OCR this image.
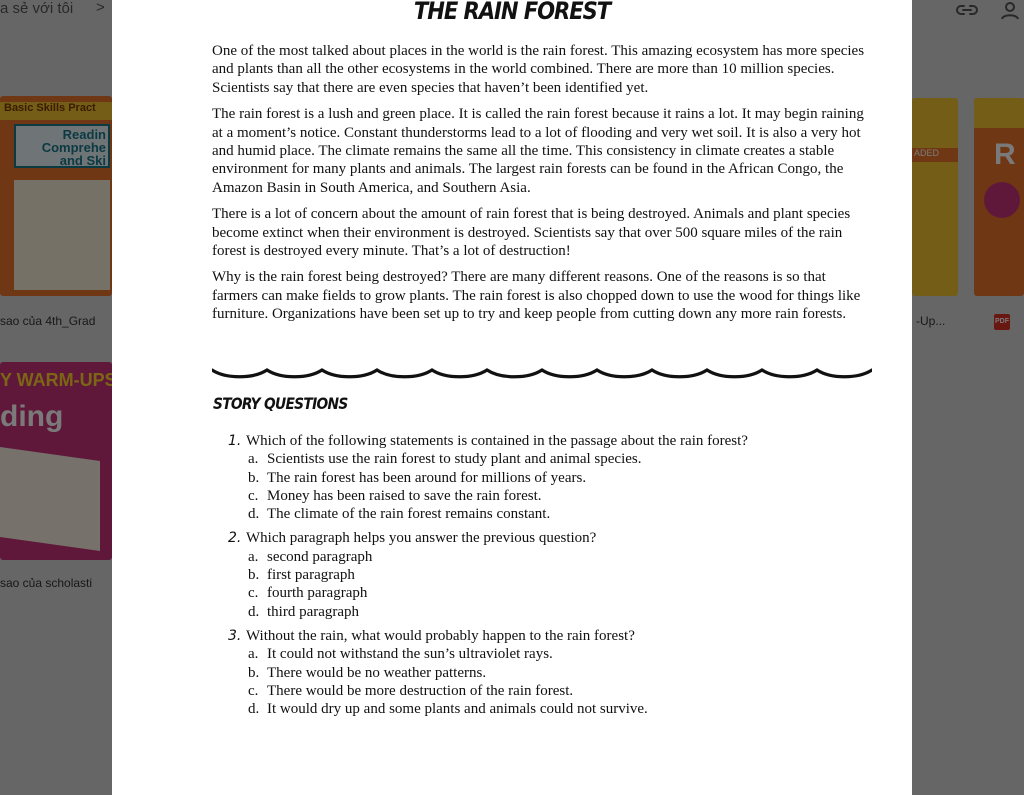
THE RAIN FOREST

One of the most talked about places in the world is the rain forest. This amazing ecosystem has more species and plants than all the other ecosystems in the world combined. There are more than 10 million species. Scientists say that there are even species that haven’t been identified yet.

The rain forest is a lush and green place. It is called the rain forest because it rains a lot. It may begin raining at a moment’s notice. Constant thunderstorms lead to a lot of flooding and very wet soil. It is also a very hot and humid place. The climate remains the same all the time. This consistency in climate creates a stable environment for many plants and animals. The largest rain forests can be found in the African Congo, the Amazon Basin in South America, and Southern Asia.

There is a lot of concern about the amount of rain forest that is being destroyed. Animals and plant species become extinct when their environment is destroyed. Scientists say that over 500 square miles of the rain forest is destroyed every minute. That’s a lot of destruction!

Why is the rain forest being destroyed? There are many different reasons. One of the reasons is so that farmers can make fields to grow plants. The rain forest is also chopped down to use the wood for things like furniture. Organizations have been set up to try and keep people from cutting down any more rain forests.

STORY QUESTIONS
1. Which of the following statements is contained in the passage about the rain forest?
a. Scientists use the rain forest to study plant and animal species.
b. The rain forest has been around for millions of years.
c. Money has been raised to save the rain forest.
d. The climate of the rain forest remains constant.
2. Which paragraph helps you answer the previous question?
a. second paragraph
b. first paragraph
c. fourth paragraph
d. third paragraph
3. Without the rain, what would probably happen to the rain forest?
a. It could not withstand the sun’s ultraviolet rays.
b. There would be no weather patterns.
c. There would be more destruction of the rain forest.
d. It would dry up and some plants and animals could not survive.
